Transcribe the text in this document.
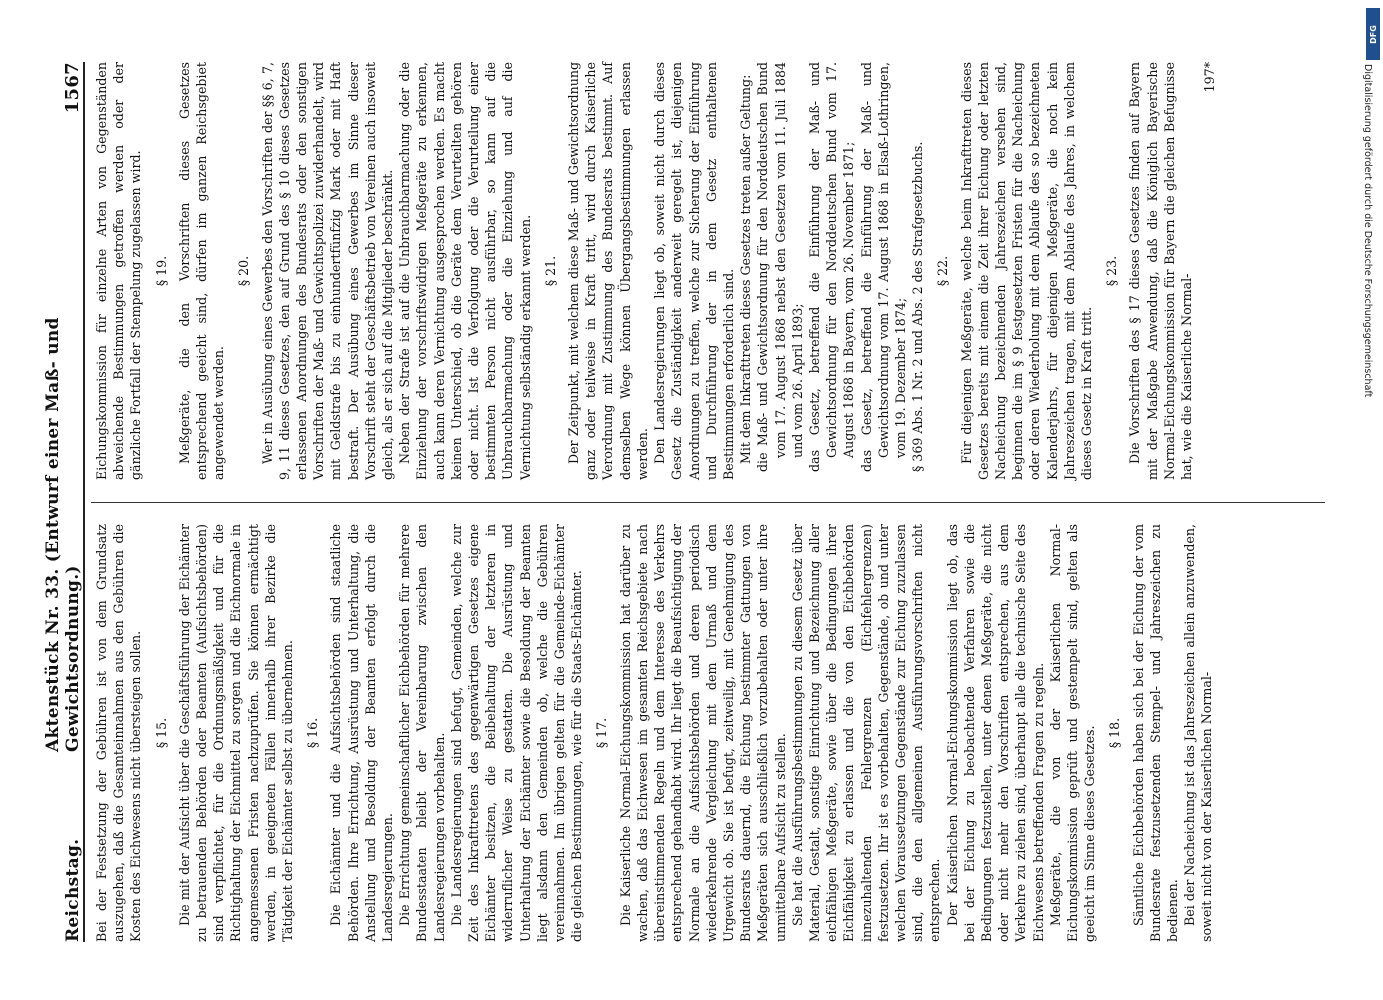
Reichstag.
Aktenstück Nr. 33. (Entwurf einer Maß- und Gewichtsordnung.)
1567

Bei der Festsetzung der Gebühren ist von dem Grundsatz auszugehen, daß die Gesamteinnahmen aus den Gebühren die Kosten des Eichwesens nicht übersteigen sollen. § 15. Die mit der Aufsicht über die Geschäftsführung der Eichämter zu betrauenden Behörden oder Beamten (Aufsichtsbehörden) sind verpflichtet, für die Ordnungsmäßigkeit und für die Richtighaltung der Eichmittel zu sorgen und die Eichnormale in angemessenen Fristen nachzuprüfen. Sie können ermächtigt werden, in geeigneten Fällen innerhalb ihrer Bezirke die Tätigkeit der Eichämter selbst zu übernehmen. § 16. Die Eichämter und die Aufsichtsbehörden sind staatliche Behörden. Ihre Errichtung, Ausrüstung und Unterhaltung, die Anstellung und Besoldung der Beamten erfolgt durch die Landesregierungen. Die Errichtung gemeinschaftlicher Eichbehörden für mehrere Bundesstaaten bleibt der Vereinbarung zwischen den Landesregierungen vorbehalten. Die Landesregierungen sind befugt, Gemeinden, welche zur Zeit des Inkrafttretens des gegenwärtigen Gesetzes eigene Eichämter besitzen, die Beibehaltung der letzteren in widerruflicher Weise zu gestatten. Die Ausrüstung und Unterhaltung der Eichämter sowie die Besoldung der Beamten liegt alsdann den Gemeinden ob, welche die Gebühren vereinnahmen. Im übrigen gelten für die Gemeinde-Eichämter die gleichen Bestimmungen, wie für die Staats-Eichämter. § 17. Die Kaiserliche Normal-Eichungskommission hat darüber zu wachen, daß das Eichwesen im gesamten Reichsgebiete nach übereinstimmenden Regeln und dem Interesse des Verkehrs entsprechend gehandhabt wird. Ihr liegt die Beaufsichtigung der Normale an die Aufsichtsbehörden und deren periodisch wiederkehrende Vergleichung mit dem Urmaß und dem Urgewicht ob. Sie ist befugt, zeitweilig, mit Genehmigung des Bundesrats dauernd, die Eichung bestimmter Gattungen von Meßgeräten sich ausschließlich vorzubehalten oder unter ihre unmittelbare Aufsicht zu stellen. Sie hat die Ausführungsbestimmungen zu diesem Gesetz über Material, Gestalt, sonstige Einrichtung und Bezeichnung aller eichfähigen Meßgeräte, sowie über die Bedingungen ihrer Eichfähigkeit zu erlassen und die von den Eichbehörden innezuhaltenden Fehlergrenzen (Eichfehlergrenzen) festzusetzen. Ihr ist es vorbehalten, Gegenstände, ob und unter welchen Voraussetzungen Gegenstände zur Eichung zuzulassen sind, die den allgemeinen Ausführungsvorschriften nicht entsprechen. Der Kaiserlichen Normal-Eichungskommission liegt ob, das bei der Eichung zu beobachtende Verfahren sowie die Bedingungen festzustellen, unter denen Meßgeräte, die nicht oder nicht mehr den Vorschriften entsprechen, aus dem Verkehre zu ziehen sind, überhaupt alle die technische Seite des Eichwesens betreffenden Fragen zu regeln. Meßgeräte, die von der Kaiserlichen Normal-Eichungskommission geprüft und gestempelt sind, gelten als geeicht im Sinne dieses Gesetzes. § 18. Sämtliche Eichbehörden haben sich bei der Eichung der vom Bundesrate festzusetzenden Stempel- und Jahreszeichen zu bedienen. Bei der Nacheichung ist das Jahreszeichen allein anzuwenden, soweit nicht von der Kaiserlichen Normal-

Eichungskommission für einzelne Arten von Gegenständen abweichende Bestimmungen getroffen werden oder der gänzliche Fortfall der Stempelung zugelassen wird. § 19. Meßgeräte, die den Vorschriften dieses Gesetzes entsprechend geeicht sind, dürfen im ganzen Reichsgebiet angewendet werden.

§ 20. Wer in Ausübung eines Gewerbes den Vorschriften der §§ 6, 7, 9, 11 dieses Gesetzes, den auf Grund des § 10 dieses Gesetzes erlassenen Anordnungen des Bundesrats oder den sonstigen Vorschriften der Maß- und Gewichtspolizei zuwiderhandelt, wird mit Geldstrafe bis zu einhundertfünfzig Mark oder mit Haft bestraft. Der Ausübung eines Gewerbes im Sinne dieser Vorschrift steht der Geschäftsbetrieb von Vereinen auch insoweit gleich, als er sich auf die Mitglieder beschränkt. Neben der Strafe ist auf die Unbrauchbarmachung oder die Einziehung der vorschriftswidrigen Meßgeräte zu erkennen, auch kann deren Vernichtung ausgesprochen werden. Es macht keinen Unterschied, ob die Geräte dem Verurteilten gehören oder nicht. Ist die Verfolgung oder die Verurteilung einer bestimmten Person nicht ausführbar, so kann auf die Unbrauchbarmachung oder die Einziehung und auf die Vernichtung selbständig erkannt werden. § 21. Der Zeitpunkt, mit welchem diese Maß- und Gewichtsordnung ganz oder teilweise in Kraft tritt, wird durch Kaiserliche Verordnung mit Zustimmung des Bundesrats bestimmt. Auf demselben Wege können Übergangsbestimmungen erlassen werden. Den Landesregierungen liegt ob, soweit nicht durch dieses Gesetz die Zuständigkeit anderweit geregelt ist, diejenigen Anordnungen zu treffen, welche zur Sicherung der Einführung und Durchführung der in dem Gesetz enthaltenen Bestimmungen erforderlich sind. Mit dem Inkrafttreten dieses Gesetzes treten außer Geltung: die Maß- und Gewichtsordnung für den Norddeutschen Bund vom 17. August 1868 nebst den Gesetzen vom 11. Juli 1884 und vom 26. April 1893; das Gesetz, betreffend die Einführung der Maß- und Gewichtsordnung für den Norddeutschen Bund vom 17. August 1868 in Bayern, vom 26. November 1871; das Gesetz, betreffend die Einführung der Maß- und Gewichtsordnung vom 17. August 1868 in Elsaß-Lothringen, vom 19. Dezember 1874; § 369 Abs. 1 Nr. 2 und Abs. 2 des Strafgesetzbuchs. § 22. Für diejenigen Meßgeräte, welche beim Inkrafttreten dieses Gesetzes bereits mit einem die Zeit ihrer Eichung oder letzten Nacheichung bezeichnenden Jahreszeichen versehen sind, beginnen die im § 9 festgesetzten Fristen für die Nacheichung oder deren Wiederholung mit dem Ablaufe des so bezeichneten Kalenderjahrs, für diejenigen Meßgeräte, die noch kein Jahreszeichen tragen, mit dem Ablaufe des Jahres, in welchem dieses Gesetz in Kraft tritt.

§ 23. Die Vorschriften des § 17 dieses Gesetzes finden auf Bayern mit der Maßgabe Anwendung, daß die Königlich Bayerische Normal-Eichungskommission für Bayern die gleichen Befugnisse hat, wie die Kaiserliche Normal-

197*

DFG
Digitalisierung gefördert durch die Deutsche Forschungsgemeinschaft
